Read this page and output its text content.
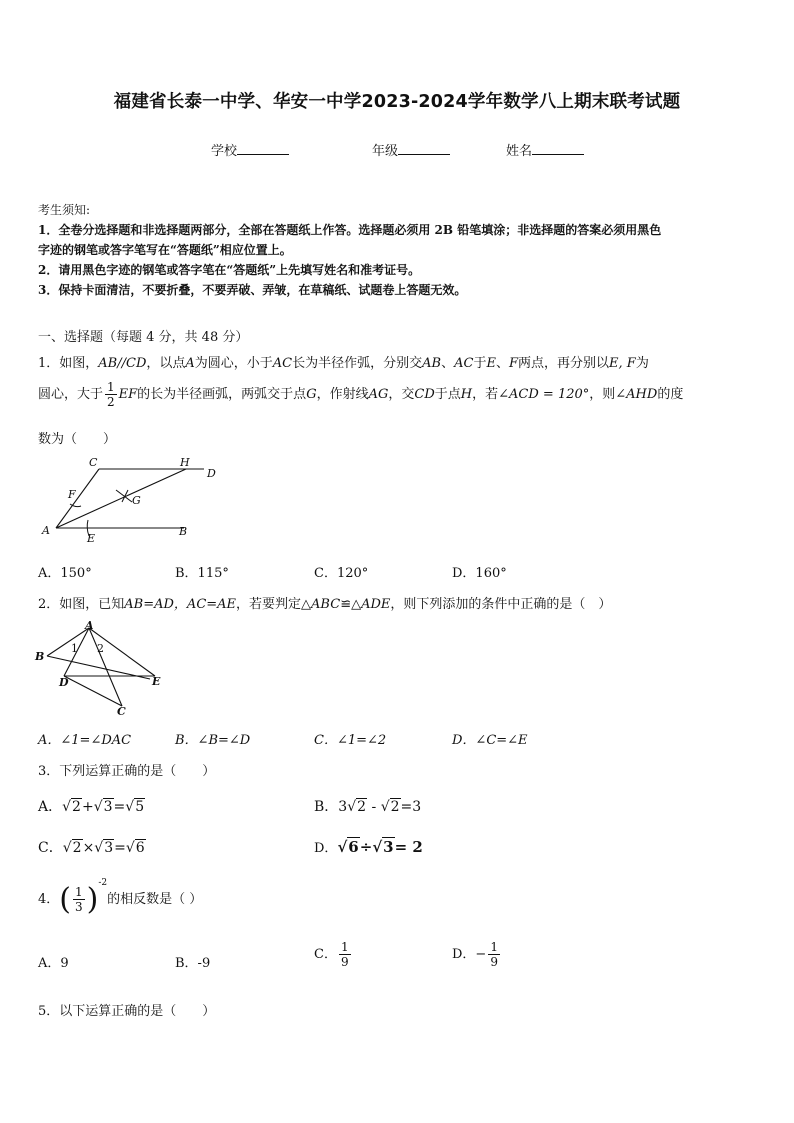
福建省长泰一中学、华安一中学2023-2024学年数学八上期末联考试题
学校	年级	姓名
考生须知:
1．全卷分选择题和非选择题两部分，全部在答题纸上作答。选择题必须用 2B 铅笔填涂；非选择题的答案必须用黑色
字迹的钢笔或答字笔写在“答题纸”相应位置上。
2．请用黑色字迹的钢笔或答字笔在“答题纸”上先填写姓名和准考证号。
3．保持卡面清洁，不要折叠，不要弄破、弄皱，在草稿纸、试题卷上答题无效。
一、选择题（每题 4 分，共 48 分）
1．如图，AB//CD，以点A为圆心，小于AC长为半径作弧，分别交AB、AC于E、F两点，再分别以E, F为
圆心，大于 $\frac{1}{2}$ EF的长为半径画弧，两弧交于点G，作射线AG，交CD于点H，若∠ACD = 120°，则∠AHD的度
数为（　　）
C	H
D
F	G
A
E
B
A．150°	B．115°	C．120°	D．160°
2．如图，已知AB=AD，AC=AE，若要判定△ABC≌△ADE，则下列添加的条件中正确的是（　）
A
B
1 2
D	E
C
A．∠1=∠DAC	B．∠B=∠D	C．∠1=∠2	D．∠C=∠E
3．下列运算正确的是（　　）
A．√2+√3=√5	B．3√2 - √2=3
C．√2×√3=√6	D．√6÷√3= 2
4．( $\frac{1}{3} )^{-2}$的相反数是（ ）
A．9	B．-9
C． $\frac{1}{9}$	D．− $\frac{1}{9}$
5．以下运算正确的是（　　）
